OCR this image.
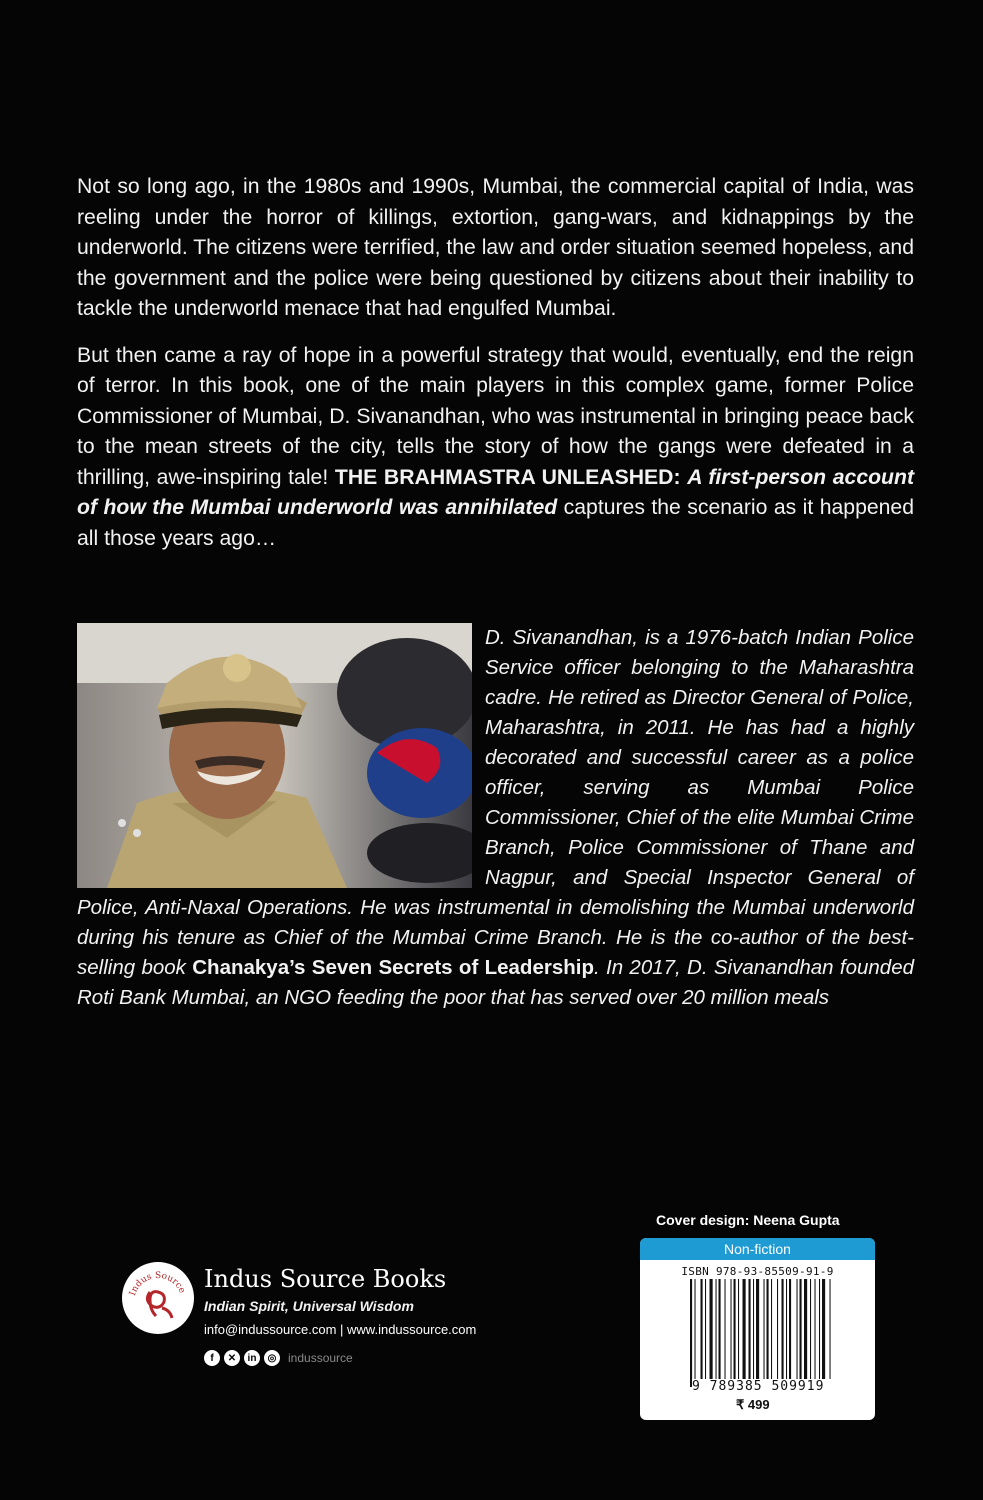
Not so long ago, in the 1980s and 1990s, Mumbai, the commercial capital of India, was reeling under the horror of killings, extortion, gang-wars, and kidnappings by the underworld. The citizens were terrified, the law and order situation seemed hopeless, and the government and the police were being questioned by citizens about their inability to tackle the underworld menace that had engulfed Mumbai.

But then came a ray of hope in a powerful strategy that would, eventually, end the reign of terror. In this book, one of the main players in this complex game, former Police Commissioner of Mumbai, D. Sivanandhan, who was instrumental in bringing peace back to the mean streets of the city, tells the story of how the gangs were defeated in a thrilling, awe-inspiring tale! THE BRAHMASTRA UNLEASHED: A first-person account of how the Mumbai underworld was annihilated captures the scenario as it happened all those years ago…

D. Sivanandhan, is a 1976-batch Indian Police Service officer belonging to the Maharashtra cadre. He retired as Director General of Police, Maharashtra, in 2011. He has had a highly decorated and successful career as a police officer, serving as Mumbai Police Commissioner, Chief of the elite Mumbai Crime Branch, Police Commissioner of Thane and Nagpur, and Special Inspector General of Police, Anti-Naxal Operations. He was instrumental in demolishing the Mumbai underworld during his tenure as Chief of the Mumbai Crime Branch. He is the co-author of the best-selling book Chanakya’s Seven Secrets of Leadership. In 2017, D. Sivanandhan founded Roti Bank Mumbai, an NGO feeding the poor that has served over 20 million meals
Indus Source Indus Source Books
Indian Spirit, Universal Wisdom
info@indussource.com | www.indussource.com
f	✕	in	◎ indussource
Cover design: Neena Gupta
Non-fiction
ISBN 978-93-85509-91-9
9 789385 509919
₹ 499
